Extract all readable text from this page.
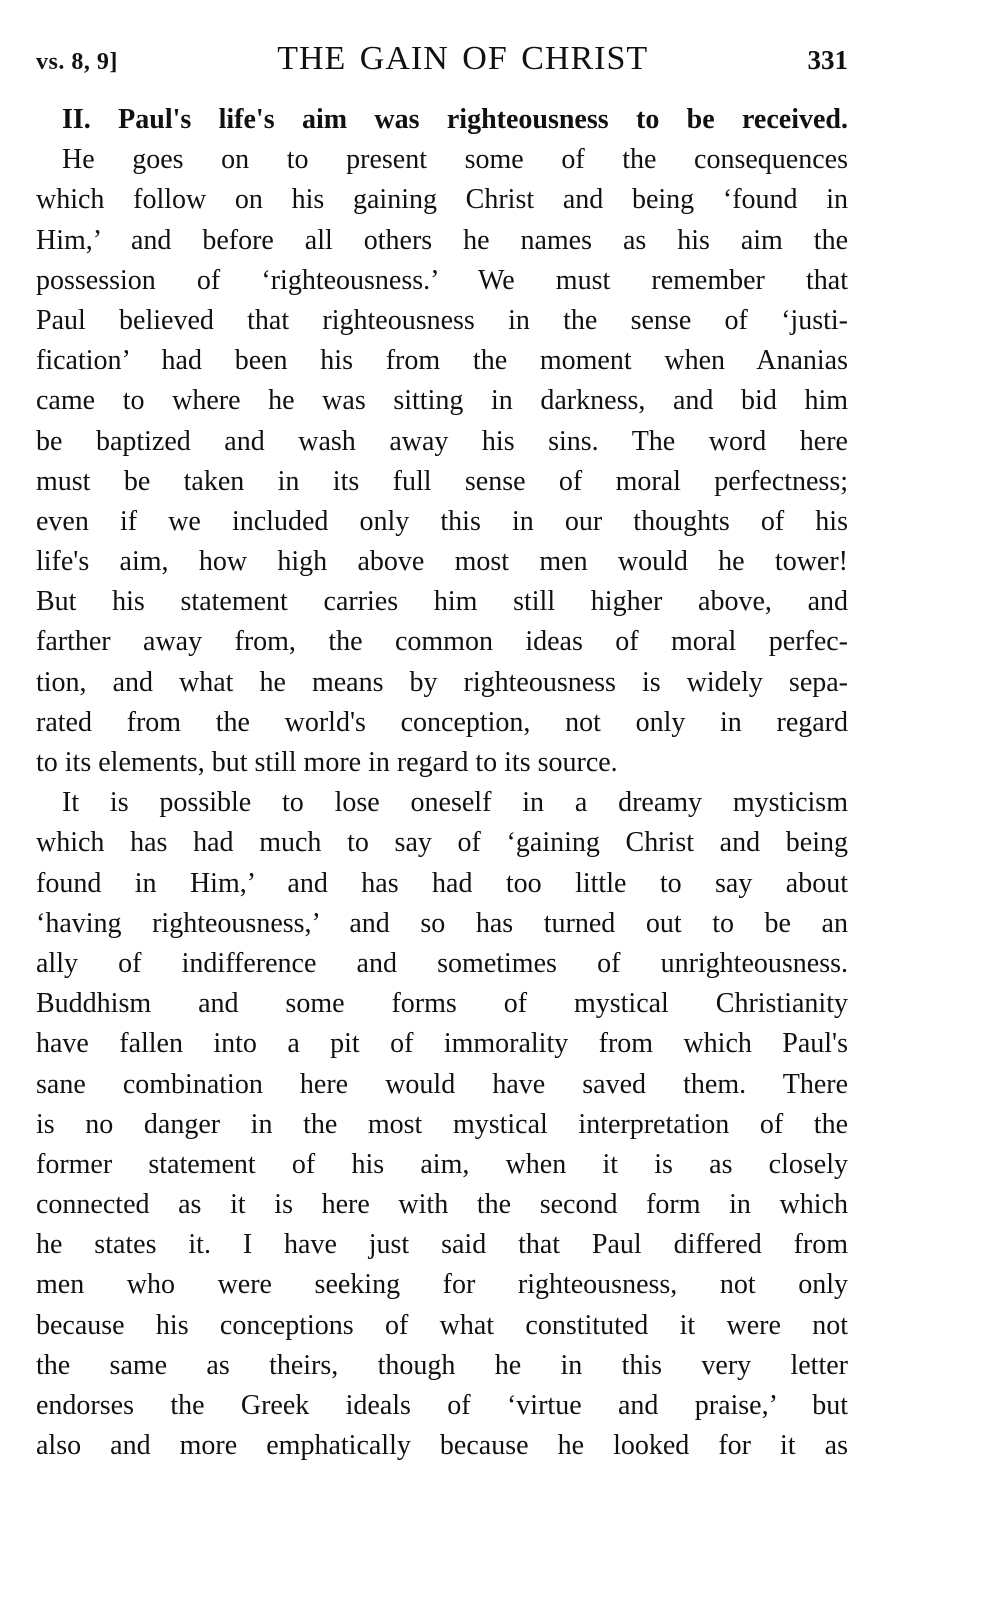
vs. 8, 9]	THE GAIN OF CHRIST	331
II. Paul's life's aim was righteousness to be received.
He goes on to present some of the consequences
which follow on his gaining Christ and being ‘found in
Him,’ and before all others he names as his aim the
possession of ‘righteousness.’ We must remember that
Paul believed that righteousness in the sense of ‘justi-
fication’ had been his from the moment when Ananias
came to where he was sitting in darkness, and bid him
be baptized and wash away his sins. The word here
must be taken in its full sense of moral perfectness;
even if we included only this in our thoughts of his
life's aim, how high above most men would he tower!
But his statement carries him still higher above, and
farther away from, the common ideas of moral perfec-
tion, and what he means by righteousness is widely sepa-
rated from the world's conception, not only in regard
to its elements, but still more in regard to its source.
It is possible to lose oneself in a dreamy mysticism
which has had much to say of ‘gaining Christ and being
found in Him,’ and has had too little to say about
‘having righteousness,’ and so has turned out to be an
ally of indifference and sometimes of unrighteousness.
Buddhism and some forms of mystical Christianity
have fallen into a pit of immorality from which Paul's
sane combination here would have saved them. There
is no danger in the most mystical interpretation of the
former statement of his aim, when it is as closely
connected as it is here with the second form in which
he states it. I have just said that Paul differed from
men who were seeking for righteousness, not only
because his conceptions of what constituted it were not
the same as theirs, though he in this very letter
endorses the Greek ideals of ‘virtue and praise,’ but
also and more emphatically because he looked for it as
